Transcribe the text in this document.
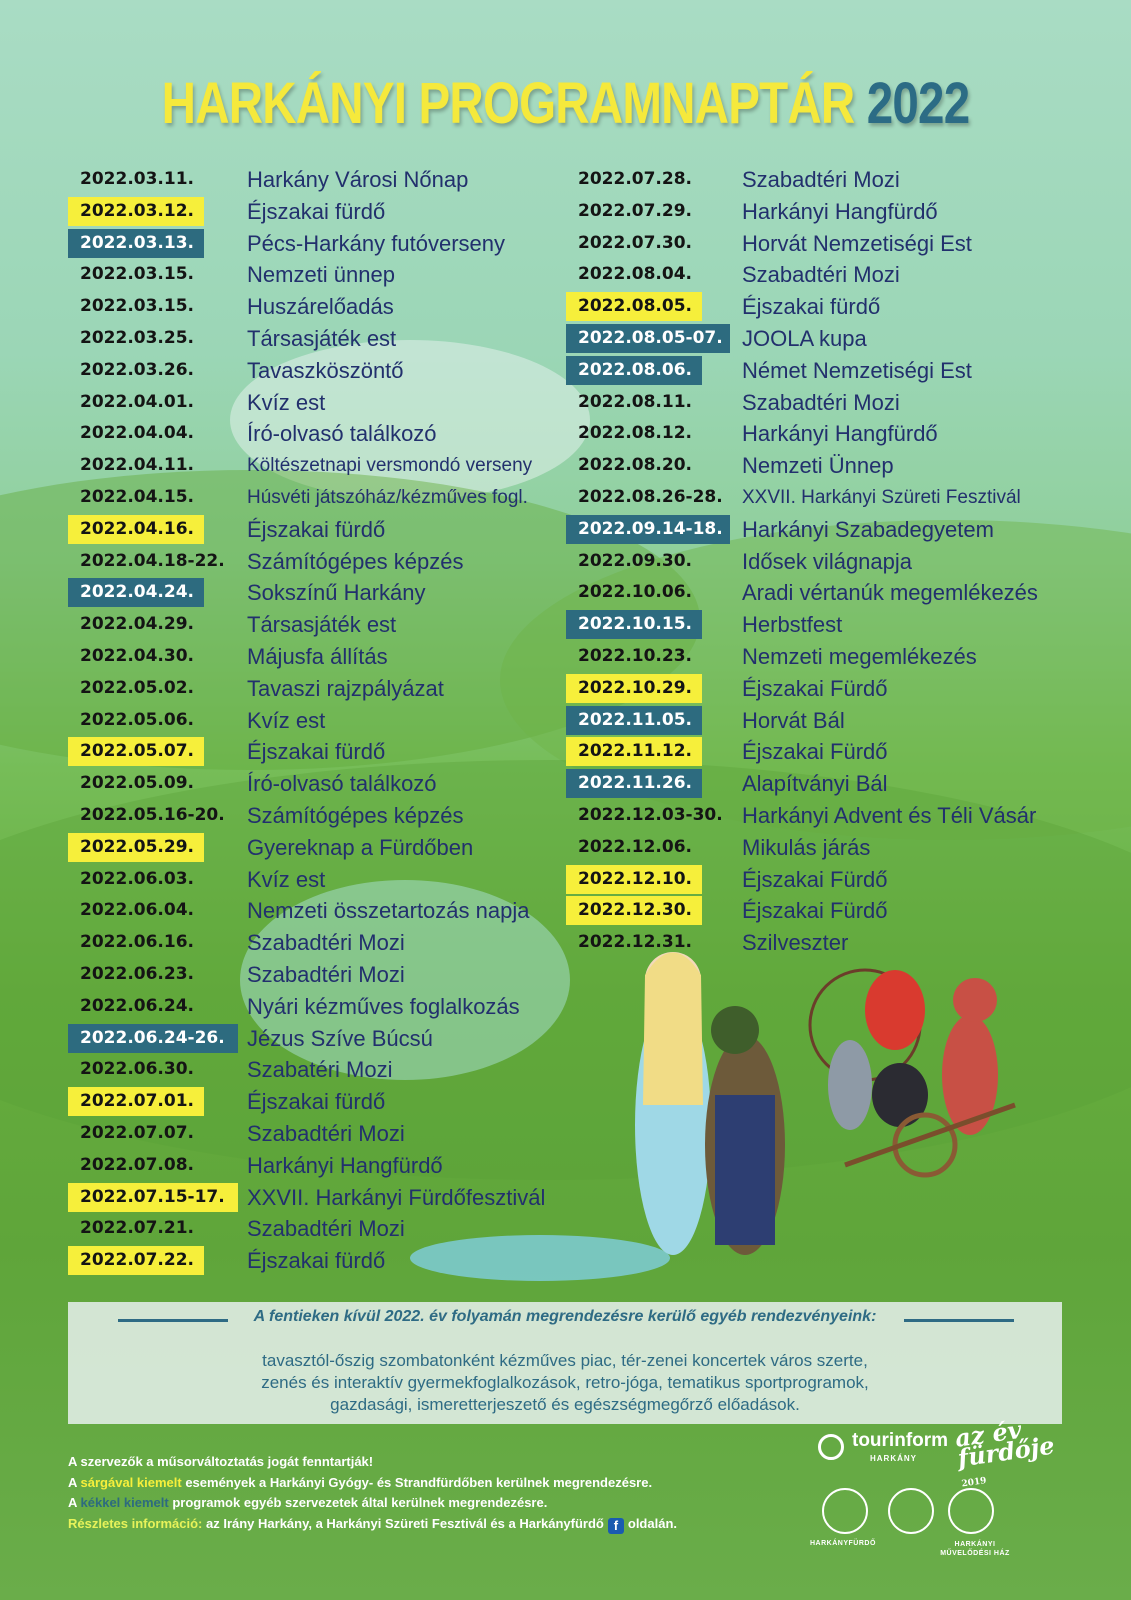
HARKÁNYI PROGRAMNAPTÁR 2022
2022.03.11.	Harkány Városi Nőnap
2022.03.12.	Éjszakai fürdő
2022.03.13.	Pécs-Harkány futóverseny
2022.03.15.	Nemzeti ünnep
2022.03.15.	Huszárelőadás
2022.03.25.	Társasjáték est
2022.03.26.	Tavaszköszöntő
2022.04.01.	Kvíz est
2022.04.04.	Író-olvasó találkozó
2022.04.11.	Költészetnapi versmondó verseny
2022.04.15.	Húsvéti játszóház/kézműves fogl.
2022.04.16.	Éjszakai fürdő
2022.04.18-22.	Számítógépes képzés
2022.04.24.	Sokszínű Harkány
2022.04.29.	Társasjáték est
2022.04.30.	Májusfa állítás
2022.05.02.	Tavaszi rajzpályázat
2022.05.06.	Kvíz est
2022.05.07.	Éjszakai fürdő
2022.05.09.	Író-olvasó találkozó
2022.05.16-20.	Számítógépes képzés
2022.05.29.	Gyereknap a Fürdőben
2022.06.03.	Kvíz est
2022.06.04.	Nemzeti összetartozás napja
2022.06.16.	Szabadtéri Mozi
2022.06.23.	Szabadtéri Mozi
2022.06.24.	Nyári kézműves foglalkozás
2022.06.24-26.	Jézus Szíve Búcsú
2022.06.30.	Szabatéri Mozi
2022.07.01.	Éjszakai fürdő
2022.07.07.	Szabadtéri Mozi
2022.07.08.	Harkányi Hangfürdő
2022.07.15-17.	XXVII. Harkányi Fürdőfesztivál
2022.07.21.	Szabadtéri Mozi
2022.07.22.	Éjszakai fürdő
2022.07.28.	Szabadtéri Mozi
2022.07.29.	Harkányi Hangfürdő
2022.07.30.	Horvát Nemzetiségi Est
2022.08.04.	Szabadtéri Mozi
2022.08.05.	Éjszakai fürdő
2022.08.05-07. JOOLA kupa
2022.08.06.	Német Nemzetiségi Est
2022.08.11.	Szabadtéri Mozi
2022.08.12.	Harkányi Hangfürdő
2022.08.20.	Nemzeti Ünnep
2022.08.26-28.	XXVII. Harkányi Szüreti Fesztivál
2022.09.14-18. Harkányi Szabadegyetem
2022.09.30.	Idősek világnapja
2022.10.06.	Aradi vértanúk megemlékezés
2022.10.15.	Herbstfest
2022.10.23.	Nemzeti megemlékezés
2022.10.29.	Éjszakai Fürdő
2022.11.05.	Horvát Bál
2022.11.12.	Éjszakai Fürdő
2022.11.26.	Alapítványi Bál
2022.12.03-30. Harkányi Advent és Téli Vásár
2022.12.06.	Mikulás járás
2022.12.10.	Éjszakai Fürdő
2022.12.30.	Éjszakai Fürdő
2022.12.31.	Szilveszter
A fentieken kívül 2022. év folyamán megrendezésre kerülő egyéb rendezvényeink:
tavasztól-őszig szombatonként kézműves piac, tér-zenei koncertek város szerte,
zenés és interaktív gyermekfoglalkozások, retro-jóga, tematikus sportprogramok,
gazdasági, ismeretterjeszető és egészségmegőrző előadások.
A szervezők a műsorváltoztatás jogát fenntartják!
A sárgával kiemelt események a Harkányi Gyógy- és Strandfürdőben kerülnek megrendezésre.
A kékkel kiemelt programok egyéb szervezetek által kerülnek megrendezésre.
Részletes információ: az Irány Harkány, a Harkányi Szüreti Fesztivál és a Harkányfürdő f oldalán.
tourinform
HARKÁNY
az év fürdője 2019
HARKÁNYFÜRDŐ	HARKÁNYI MŰVELŐDÉSI HÁZ
